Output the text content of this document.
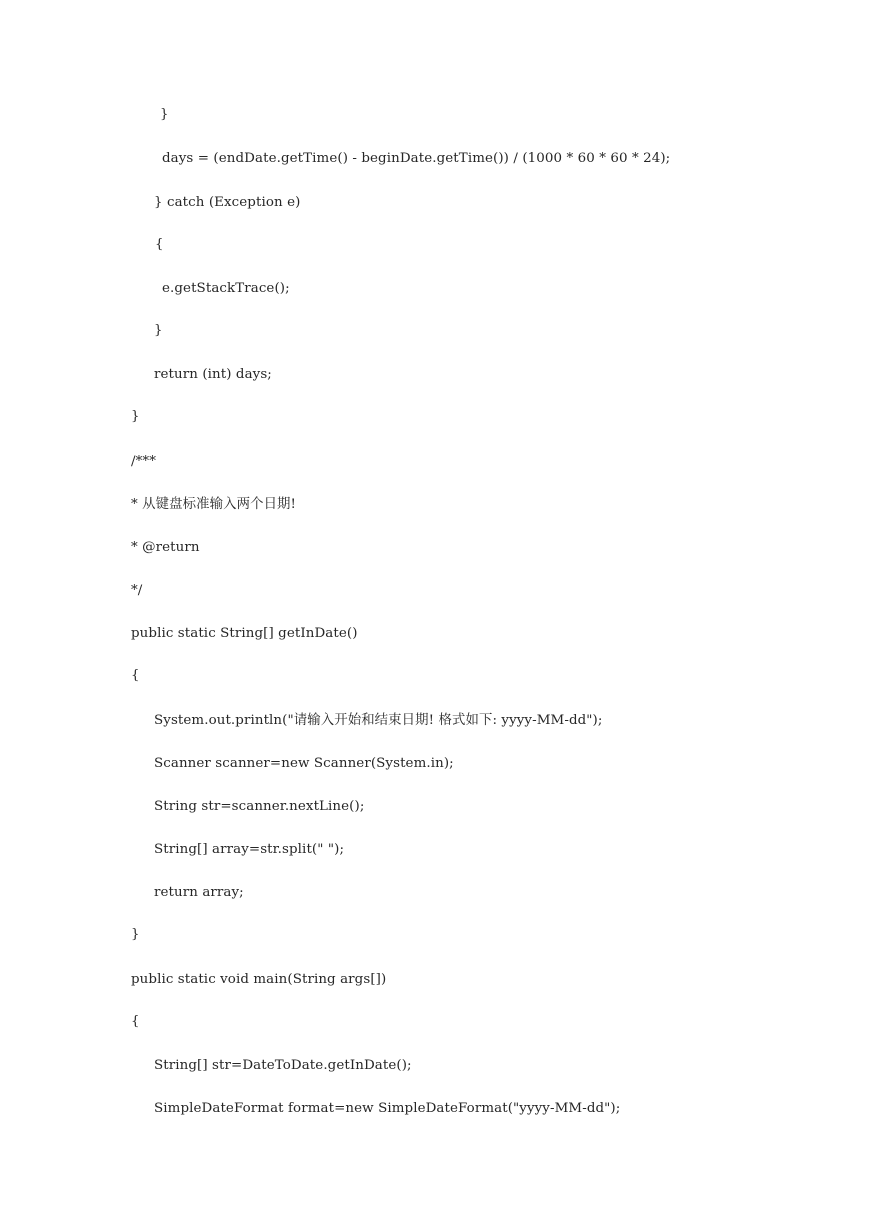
}
days = (endDate.getTime() - beginDate.getTime()) / (1000 * 60 * 60 * 24);
} catch (Exception e)
{
e.getStackTrace();
}
return (int) days;
}
/***
* 从键盘标准输入两个日期!
* @return
*/
public static String[] getInDate()
{
System.out.println("请输入开始和结束日期! 格式如下: yyyy-MM-dd");
Scanner scanner=new Scanner(System.in);
String str=scanner.nextLine();
String[] array=str.split(" ");
return array;
}
public static void main(String args[])
{
String[] str=DateToDate.getInDate();
SimpleDateFormat format=new SimpleDateFormat("yyyy-MM-dd");
